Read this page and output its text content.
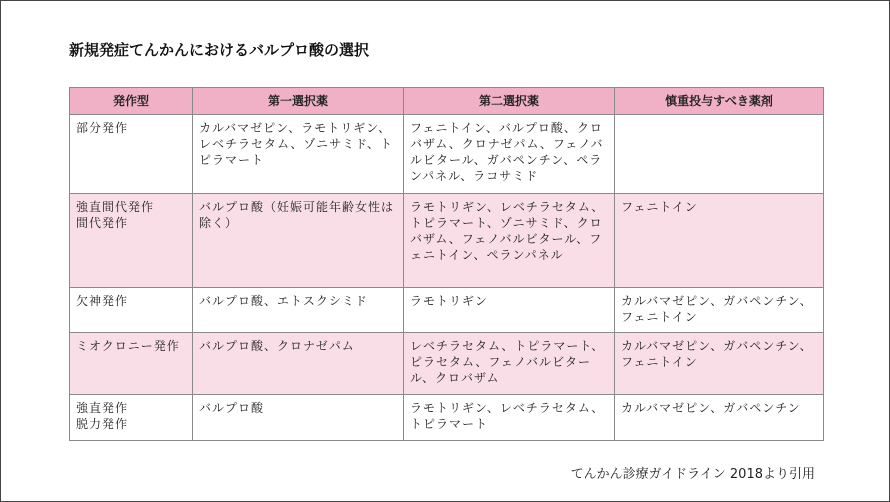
新規発症てんかんにおけるバルプロ酸の選択
発作型	第一選択薬	第二選択薬	慎重投与すべき薬剤

部分発作	カルバマゼピン、ラモトリギン、レベチラセタム、ゾニサミド、トピラマート	フェニトイン、バルプロ酸、クロバザム、クロナゼパム、フェノバルビタール、ガバペンチン、ペランパネル、ラコサミド	

強直間代発作
間代発作	バルプロ酸（妊娠可能年齢女性は除く）	ラモトリギン、レベチラセタム、トピラマート、ゾニサミド、クロバザム、フェノバルビタール、フェニトイン、ペランパネル	フェニトイン

欠神発作	バルプロ酸、エトスクシミド	ラモトリギン	カルバマゼピン、ガバペンチン、フェニトイン

ミオクロニー発作	バルプロ酸、クロナゼパム	レベチラセタム、トピラマート、ピラセタム、フェノバルビタール、クロバザム	カルバマゼピン、ガバペンチン、フェニトイン

強直発作
脱力発作	バルプロ酸	ラモトリギン、レベチラセタム、トピラマート	カルバマゼピン、ガバペンチン
てんかん診療ガイドライン 2018より引用
